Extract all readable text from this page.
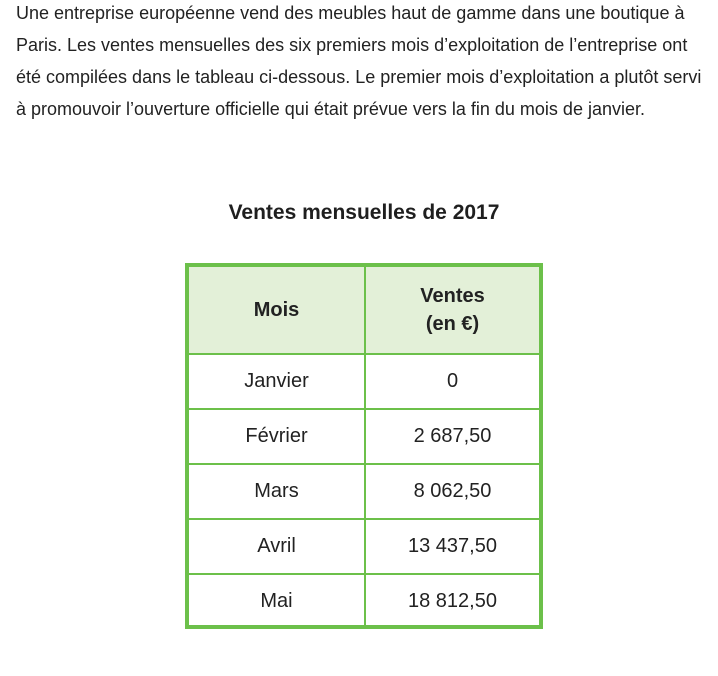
Une entreprise européenne vend des meubles haut de gamme dans une boutique à Paris. Les ventes mensuelles des six premiers mois d’exploitation de l’entreprise ont été compilées dans le tableau ci-dessous. Le premier mois d’exploitation a plutôt servi à promouvoir l’ouverture officielle qui était prévue vers la fin du mois de janvier.

Ventes mensuelles de 2017
Mois	Ventes
(en €)
Janvier	0
Février	2 687,50
Mars	8 062,50
Avril	13 437,50
Mai	18 812,50
